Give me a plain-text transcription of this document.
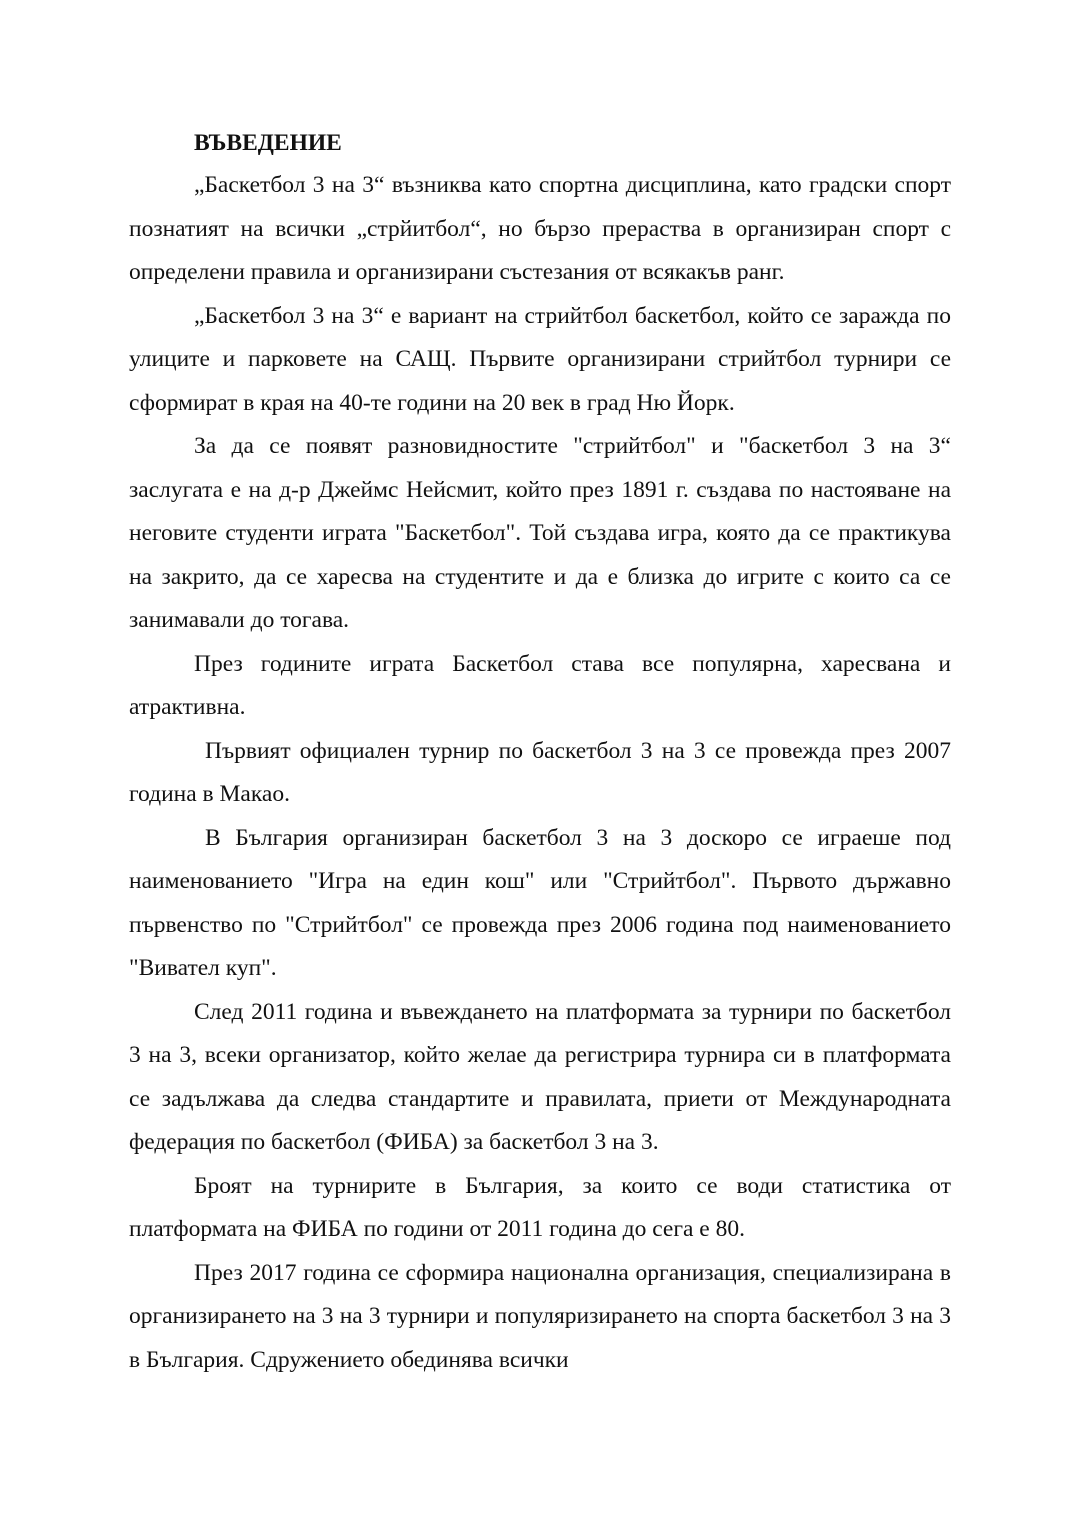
ВЪВЕДЕНИЕ

„Баскетбол 3 на 3“ възниква като спортна дисциплина, като градски спорт познатият на всички „стрйитбол“, но бързо прераства в организиран спорт с определени правила и организирани състезания от всякакъв ранг.

„Баскетбол 3 на 3“ е вариант на стрийтбол баскетбол, който се заражда по улиците и парковете на САЩ. Първите организирани стрийтбол турнири се сформират в края на 40-те години на 20 век в град Ню Йорк.

За да се появят разновидностите "стрийтбол" и "баскетбол 3 на 3“ заслугата е на д-р Джеймс Нейсмит, който през 1891 г. създава по настояване на неговите студенти играта "Баскетбол". Той създава игра, която да се практикува на закрито, да се харесва на студентите и да е близка до игрите с които са се занимавали до тогава.

През годините играта Баскетбол става все популярна, харесвана и атрактивна.

Първият официален турнир по баскетбол 3 на 3 се провежда през 2007 година в Макао.

В България организиран баскетбол 3 на 3 доскоро се играеше под наименованието "Игра на един кош" или "Стрийтбол". Първото държавно първенство по "Стрийтбол" се провежда през 2006 година под наименованието "Вивател куп".

След 2011 година и въвеждането на платформата за турнири по баскетбол 3 на 3, всеки организатор, който желае да регистрира турнира си в платформата се задължава да следва стандартите и правилата, приети от Международната федерация по баскетбол (ФИБА) за баскетбол 3 на 3.

Броят на турнирите в България, за които се води статистика от платформата на ФИБА по години от 2011 година до сега е 80.

През 2017 година се сформира национална организация, специализирана в организирането на 3 на 3 турнири и популяризирането на спорта баскетбол 3 на 3 в България. Сдружението обединява всички
